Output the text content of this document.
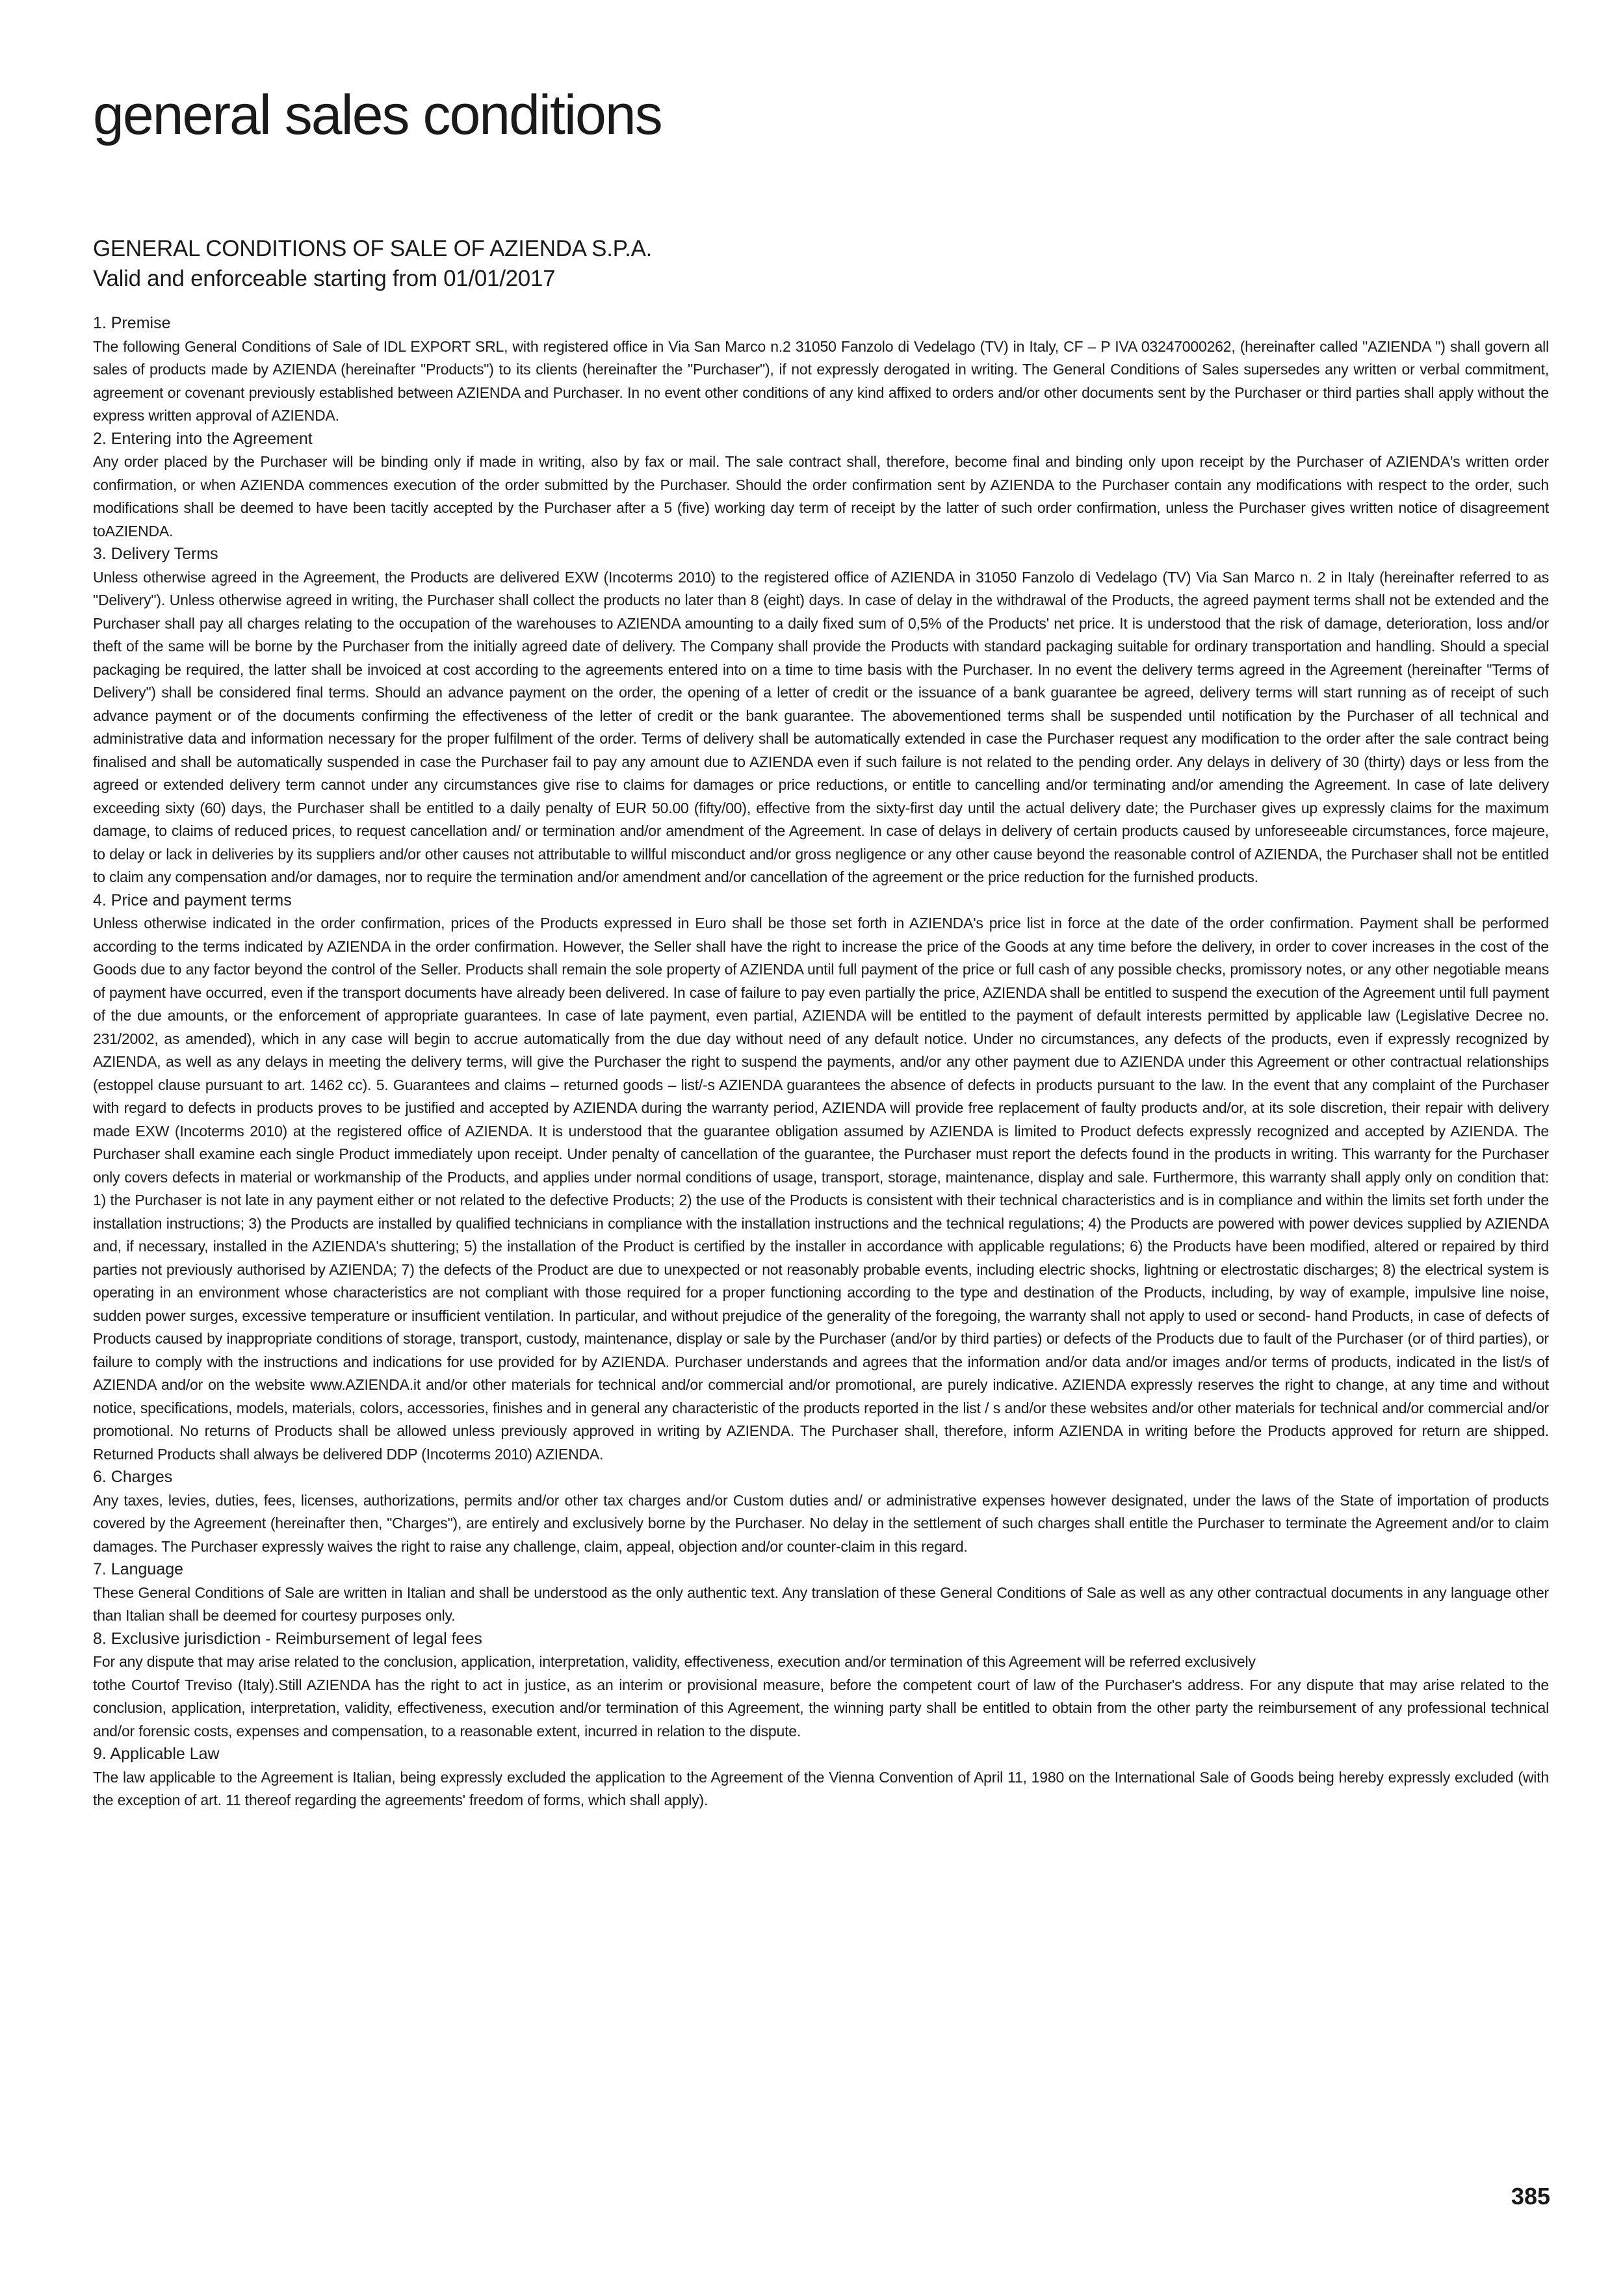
general sales conditions
GENERAL CONDITIONS OF SALE OF AZIENDA S.P.A.
Valid and enforceable starting from 01/01/2017
1. Premise
The following General Conditions of Sale of IDL EXPORT SRL, with registered office in Via San Marco n.2 31050 Fanzolo di Vedelago (TV) in Italy, CF – P IVA 03247000262, (hereinafter called "AZIENDA ") shall govern all sales of products made by AZIENDA (hereinafter "Products") to its clients (hereinafter the "Purchaser"), if not expressly derogated in writing. The General Conditions of Sales supersedes any written or verbal commitment, agreement or covenant previously established between AZIENDA and Purchaser. In no event other conditions of any kind affixed to orders and/or other documents sent by the Purchaser or third parties shall apply without the express written approval of AZIENDA.
2. Entering into the Agreement
Any order placed by the Purchaser will be binding only if made in writing, also by fax or mail. The sale contract shall, therefore, become final and binding only upon receipt by the Purchaser of AZIENDA's written order confirmation, or when AZIENDA commences execution of the order submitted by the Purchaser. Should the order confirmation sent by AZIENDA to the Purchaser contain any modifications with respect to the order, such modifications shall be deemed to have been tacitly accepted by the Purchaser after a 5 (five) working day term of receipt by the latter of such order confirmation, unless the Purchaser gives written notice of disagreement toAZIENDA.
3. Delivery Terms
Unless otherwise agreed in the Agreement, the Products are delivered EXW (Incoterms 2010) to the registered office of AZIENDA in 31050 Fanzolo di Vedelago (TV) Via San Marco n. 2 in Italy (hereinafter referred to as "Delivery"). Unless otherwise agreed in writing, the Purchaser shall collect the products no later than 8 (eight) days. In case of delay in the withdrawal of the Products, the agreed payment terms shall not be extended and the Purchaser shall pay all charges relating to the occupation of the warehouses to AZIENDA amounting to a daily fixed sum of 0,5% of the Products' net price. It is understood that the risk of damage, deterioration, loss and/or theft of the same will be borne by the Purchaser from the initially agreed date of delivery. The Company shall provide the Products with standard packaging suitable for ordinary transportation and handling. Should a special packaging be required, the latter shall be invoiced at cost according to the agreements entered into on a time to time basis with the Purchaser. In no event the delivery terms agreed in the Agreement (hereinafter "Terms of Delivery") shall be considered final terms. Should an advance payment on the order, the opening of a letter of credit or the issuance of a bank guarantee be agreed, delivery terms will start running as of receipt of such advance payment or of the documents confirming the effectiveness of the letter of credit or the bank guarantee. The abovementioned terms shall be suspended until notification by the Purchaser of all technical and administrative data and information necessary for the proper fulfilment of the order. Terms of delivery shall be automatically extended in case the Purchaser request any modification to the order after the sale contract being finalised and shall be automatically suspended in case the Purchaser fail to pay any amount due to AZIENDA even if such failure is not related to the pending order. Any delays in delivery of 30 (thirty) days or less from the agreed or extended delivery term cannot under any circumstances give rise to claims for damages or price reductions, or entitle to cancelling and/or terminating and/or amending the Agreement. In case of late delivery exceeding sixty (60) days, the Purchaser shall be entitled to a daily penalty of EUR 50.00 (fifty/00), effective from the sixty-first day until the actual delivery date; the Purchaser gives up expressly claims for the maximum damage, to claims of reduced prices, to request cancellation and/ or termination and/or amendment of the Agreement. In case of delays in delivery of certain products caused by unforeseeable circumstances, force majeure, to delay or lack in deliveries by its suppliers and/or other causes not attributable to willful misconduct and/or gross negligence or any other cause beyond the reasonable control of AZIENDA, the Purchaser shall not be entitled to claim any compensation and/or damages, nor to require the termination and/or amendment and/or cancellation of the agreement or the price reduction for the furnished products.
4. Price and payment terms
Unless otherwise indicated in the order confirmation, prices of the Products expressed in Euro shall be those set forth in AZIENDA's price list in force at the date of the order confirmation. Payment shall be performed according to the terms indicated by AZIENDA in the order confirmation. However, the Seller shall have the right to increase the price of the Goods at any time before the delivery, in order to cover increases in the cost of the Goods due to any factor beyond the control of the Seller. Products shall remain the sole property of AZIENDA until full payment of the price or full cash of any possible checks, promissory notes, or any other negotiable means of payment have occurred, even if the transport documents have already been delivered. In case of failure to pay even partially the price, AZIENDA shall be entitled to suspend the execution of the Agreement until full payment of the due amounts, or the enforcement of appropriate guarantees. In case of late payment, even partial, AZIENDA will be entitled to the payment of default interests permitted by applicable law (Legislative Decree no. 231/2002, as amended), which in any case will begin to accrue automatically from the due day without need of any default notice. Under no circumstances, any defects of the products, even if expressly recognized by AZIENDA, as well as any delays in meeting the delivery terms, will give the Purchaser the right to suspend the payments, and/or any other payment due to AZIENDA under this Agreement or other contractual relationships (estoppel clause pursuant to art. 1462 cc). 5. Guarantees and claims – returned goods – list/-s AZIENDA guarantees the absence of defects in products pursuant to the law. In the event that any complaint of the Purchaser with regard to defects in products proves to be justified and accepted by AZIENDA during the warranty period, AZIENDA will provide free replacement of faulty products and/or, at its sole discretion, their repair with delivery made EXW (Incoterms 2010) at the registered office of AZIENDA. It is understood that the guarantee obligation assumed by AZIENDA is limited to Product defects expressly recognized and accepted by AZIENDA. The Purchaser shall examine each single Product immediately upon receipt. Under penalty of cancellation of the guarantee, the Purchaser must report the defects found in the products in writing. This warranty for the Purchaser only covers defects in material or workmanship of the Products, and applies under normal conditions of usage, transport, storage, maintenance, display and sale. Furthermore, this warranty shall apply only on condition that: 1) the Purchaser is not late in any payment either or not related to the defective Products; 2) the use of the Products is consistent with their technical characteristics and is in compliance and within the limits set forth under the installation instructions; 3) the Products are installed by qualified technicians in compliance with the installation instructions and the technical regulations; 4) the Products are powered with power devices supplied by AZIENDA and, if necessary, installed in the AZIENDA's shuttering; 5) the installation of the Product is certified by the installer in accordance with applicable regulations; 6) the Products have been modified, altered or repaired by third parties not previously authorised by AZIENDA; 7) the defects of the Product are due to unexpected or not reasonably probable events, including electric shocks, lightning or electrostatic discharges; 8) the electrical system is operating in an environment whose characteristics are not compliant with those required for a proper functioning according to the type and destination of the Products, including, by way of example, impulsive line noise, sudden power surges, excessive temperature or insufficient ventilation. In particular, and without prejudice of the generality of the foregoing, the warranty shall not apply to used or second- hand Products, in case of defects of Products caused by inappropriate conditions of storage, transport, custody, maintenance, display or sale by the Purchaser (and/or by third parties) or defects of the Products due to fault of the Purchaser (or of third parties), or failure to comply with the instructions and indications for use provided for by AZIENDA. Purchaser understands and agrees that the information and/or data and/or images and/or terms of products, indicated in the list/s of AZIENDA and/or on the website www.AZIENDA.it and/or other materials for technical and/or commercial and/or promotional, are purely indicative. AZIENDA expressly reserves the right to change, at any time and without notice, specifications, models, materials, colors, accessories, finishes and in general any characteristic of the products reported in the list / s and/or these websites and/or other materials for technical and/or commercial and/or promotional. No returns of Products shall be allowed unless previously approved in writing by AZIENDA. The Purchaser shall, therefore, inform AZIENDA in writing before the Products approved for return are shipped. Returned Products shall always be delivered DDP (Incoterms 2010) AZIENDA.
6. Charges
Any taxes, levies, duties, fees, licenses, authorizations, permits and/or other tax charges and/or Custom duties and/ or administrative expenses however designated, under the laws of the State of importation of products covered by the Agreement (hereinafter then, "Charges"), are entirely and exclusively borne by the Purchaser. No delay in the settlement of such charges shall entitle the Purchaser to terminate the Agreement and/or to claim damages. The Purchaser expressly waives the right to raise any challenge, claim, appeal, objection and/or counter-claim in this regard.
7. Language
These General Conditions of Sale are written in Italian and shall be understood as the only authentic text. Any translation of these General Conditions of Sale as well as any other contractual documents in any language other than Italian shall be deemed for courtesy purposes only.
8. Exclusive jurisdiction - Reimbursement of legal fees
For any dispute that may arise related to the conclusion, application, interpretation, validity, effectiveness, execution and/or termination of this Agreement will be referred exclusively
tothe Courtof Treviso (Italy).Still AZIENDA has the right to act in justice, as an interim or provisional measure, before the competent court of law of the Purchaser's address. For any dispute that may arise related to the conclusion, application, interpretation, validity, effectiveness, execution and/or termination of this Agreement, the winning party shall be entitled to obtain from the other party the reimbursement of any professional technical and/or forensic costs, expenses and compensation, to a reasonable extent, incurred in relation to the dispute.
9. Applicable Law
The law applicable to the Agreement is Italian, being expressly excluded the application to the Agreement of the Vienna Convention of April 11, 1980 on the International Sale of Goods being hereby expressly excluded (with the exception of art. 11 thereof regarding the agreements' freedom of forms, which shall apply).
385
